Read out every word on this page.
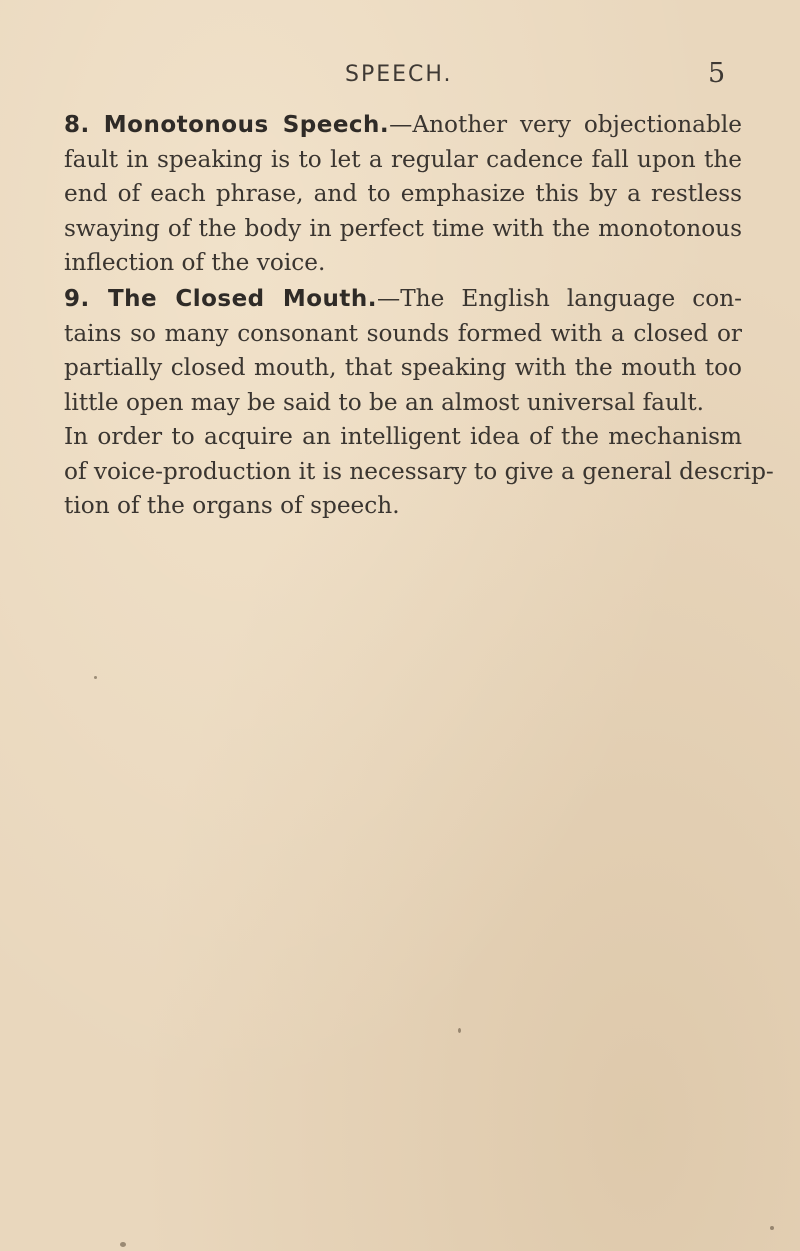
SPEECH.	5
8. Monotonous Speech.—Another very objectionable
fault in speaking is to let a regular cadence fall upon the
end of each phrase, and to emphasize this by a restless
swaying of the body in perfect time with the monotonous
inflection of the voice.
9. The Closed Mouth.—The English language con-
tains so many consonant sounds formed with a closed or
partially closed mouth, that speaking with the mouth too
little open may be said to be an almost universal fault.
In order to acquire an intelligent idea of the mechanism
of voice-production it is necessary to give a general descrip-
tion of the organs of speech.
